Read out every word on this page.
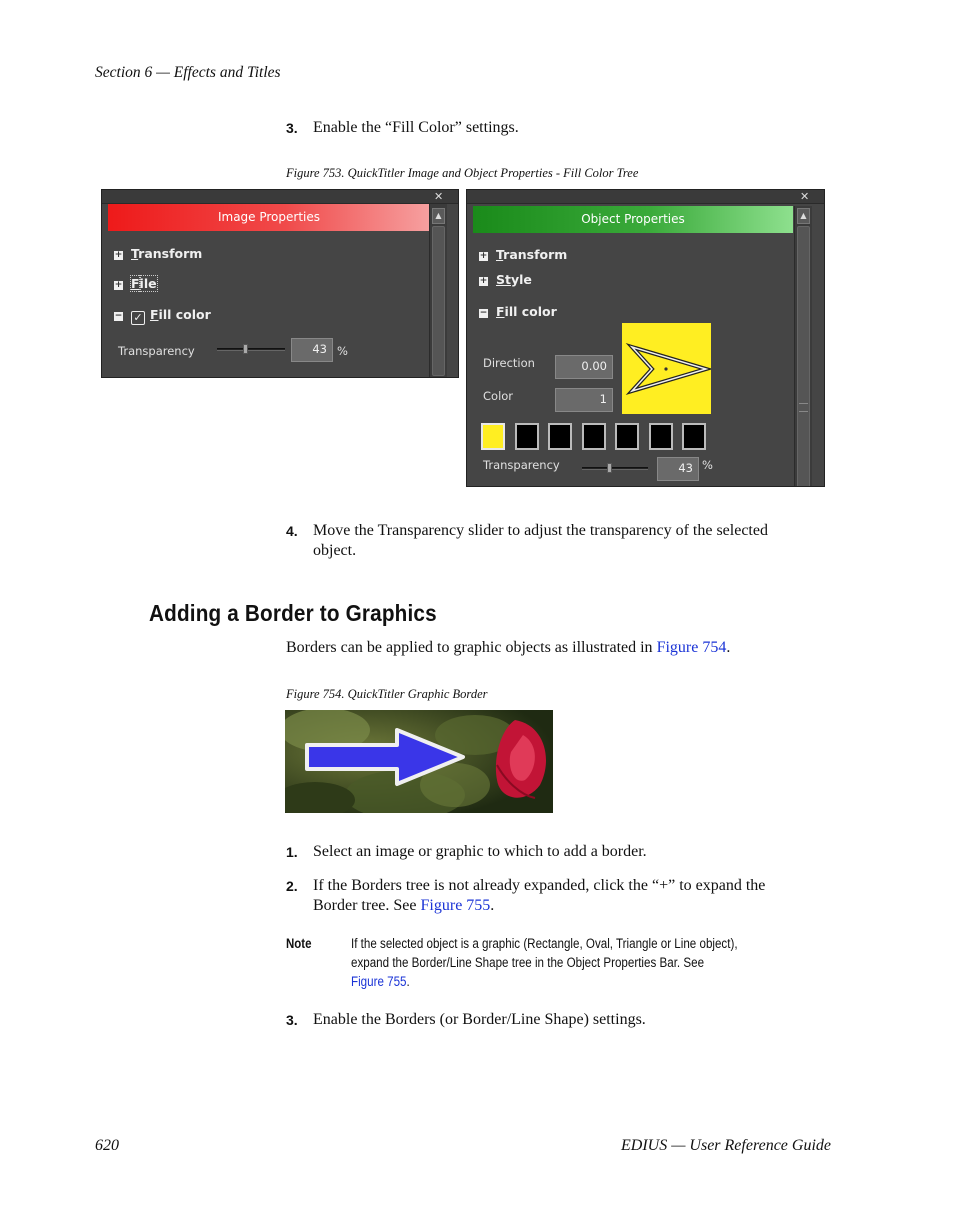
Section 6 — Effects and Titles
3. Enable the “Fill Color” settings.
Figure 753. QuickTitler Image and Object Properties - Fill Color Tree
✕
Image Properties	▲
+ Transform
+ File
− ✓ Fill color
Transparency	43 %
✕
Object Properties	▲
+ Transform
+ Style
− Fill color
Direction	0.00
Color	1
Transparency	43 %
4. Move the Transparency slider to adjust the transparency of the selected
object.
Adding a Border to Graphics
Borders can be applied to graphic objects as illustrated in Figure 754.
Figure 754. QuickTitler Graphic Border
1. Select an image or graphic to which to add a border.
2. If the Borders tree is not already expanded, click the “+” to expand the
Border tree. See Figure 755.
Note	If the selected object is a graphic (Rectangle, Oval, Triangle or Line object),
expand the Border/Line Shape tree in the Object Properties Bar. See
Figure 755.
3. Enable the Borders (or Border/Line Shape) settings.
620	EDIUS — User Reference Guide
